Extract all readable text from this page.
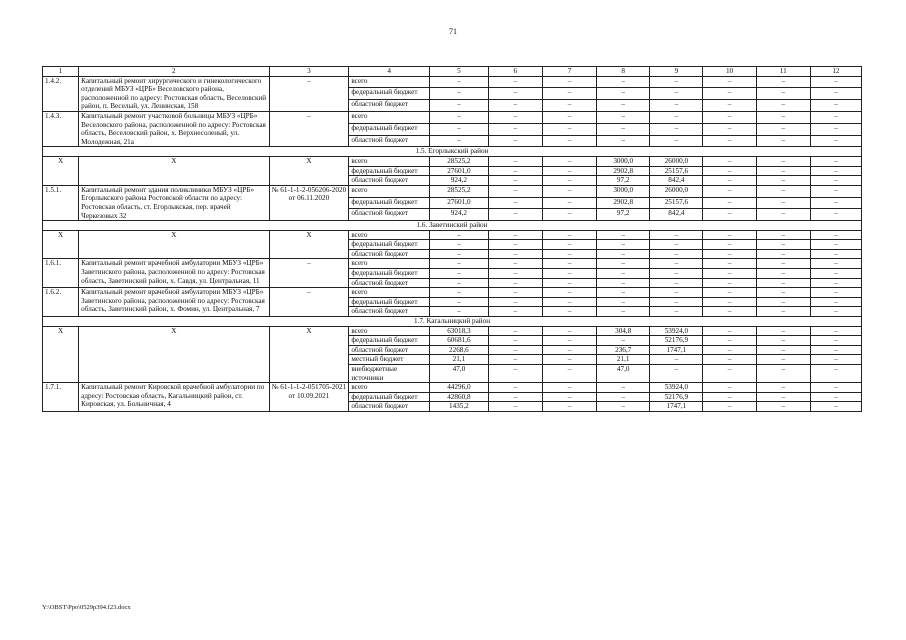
71
1	2	3	4	5	6	7	8	9	10	11	12
1.4.2.	Капитальный ремонт хирургического и гинекологического отделений МБУЗ «ЦРБ» Веселовского района, расположенной по адресу: Ростовская область, Веселовский район, п. Веселый, ул. Ленинская, 158	–	всего	–	–	–	–	–	–	–	–
			федеральный бюджет	–	–	–	–	–	–	–	–
			областной бюджет	–	–	–	–	–	–	–	–
1.4.3.	Капитальный ремонт участковой больницы МБУЗ «ЦРБ» Веселовского района, расположенной по адресу: Ростовская область, Веселовский район, х. Верхнесоленый, ул. Молодежная, 21а	–	всего	–	–	–	–	–	–	–	–
			федеральный бюджет	–	–	–	–	–	–	–	–
			областной бюджет	–	–	–	–	–	–	–	–
1.5. Егорлыкский район											
X	X	X	всего	28525,2	–	–	3000,0	26000,0	–	–	–
			федеральный бюджет	27601,0	–	–	2902,8	25157,6	–	–	–
			областной бюджет	924,2	–	–	97,2	842,4	–	–	–
1.5.1.	Капитальный ремонт здания поликлиники МБУЗ «ЦРБ» Егорлыкского района Ростовской области по адресу: Ростовская область, ст. Егорлыкская, пер. врачей Черкезовых 32	№ 61-1-1-2-056206-2020 от 06.11.2020	всего	28525,2	–	–	3000,0	26000,0	–	–	–
			федеральный бюджет	27601,0	–	–	2902,8	25157,6	–	–	–
			областной бюджет	924,2	–	–	97,2	842,4	–	–	–
1.6. Заветинский район											
X	X	X	всего	–	–	–	–	–	–	–	–
			федеральный бюджет	–	–	–	–	–	–	–	–
			областной бюджет	–	–	–	–	–	–	–	–
1.6.1.	Капитальный ремонт врачебной амбулатории МБУЗ «ЦРБ» Заветинского района, расположенной по адресу: Ростовская область, Заветинский район, х. Савдя, ул. Центральная, 11	–	всего	–	–	–	–	–	–	–	–
			федеральный бюджет	–	–	–	–	–	–	–	–
			областной бюджет	–	–	–	–	–	–	–	–
1.6.2.	Капитальный ремонт врачебной амбулатории МБУЗ «ЦРБ» Заветинского района, расположенной по адресу: Ростовская область, Заветинский район, х. Фомин, ул. Центральная, 7	–	всего	–	–	–	–	–	–	–	–
			федеральный бюджет	–	–	–	–	–	–	–	–
			областной бюджет	–	–	–	–	–	–	–	–
1.7. Кагальницкий район											
X	X	X	всего	63018,3	–	–	304,8	53924,0	–	–	–
			федеральный бюджет	60681,6	–	–	–	52176,9	–	–	–
			областной бюджет	2268,6	–	–	236,7	1747,1	–	–	–
			местный бюджет	21,1	–	–	21,1	–	–	–	–
			внебюджетные источники	47,0	–	–	47,0	–	–	–	–
1.7.1.	Капитальный ремонт Кировской врачебной амбулатории по адресу: Ростовская область, Кагальницкий район, ст. Кировская, ул. Больничная, 4	№ 61-1-1-2-051705-2021 от 10.09.2021	всего	44296,0	–	–	–	53924,0	–	–	–
			федеральный бюджет	42860,8	–	–	–	52176,9	–	–	–
			областной бюджет	1435,2	–	–	–	1747,1	–	–	–
Y:\OBST\Ppo\0529p394.f23.docx
